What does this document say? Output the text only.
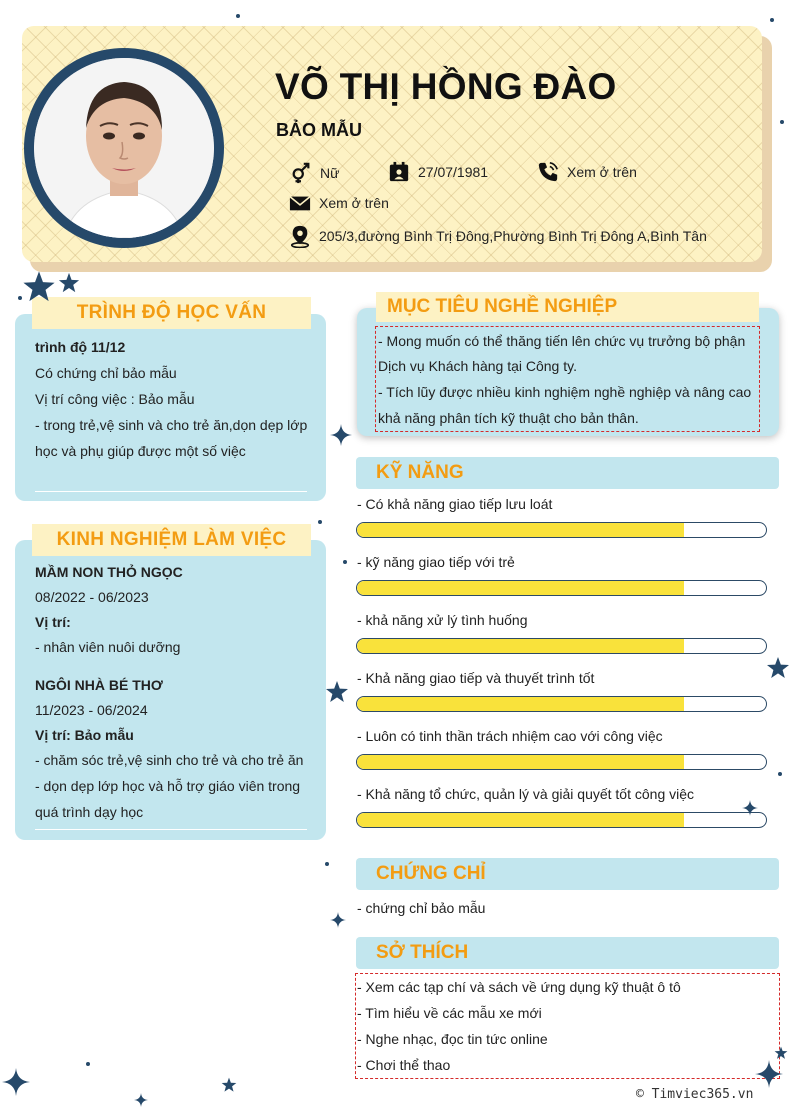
VÕ THỊ HỒNG ĐÀO
BẢO MẪU
Nữ	27/07/1981	Xem ở trên
Xem ở trên
205/3,đường Bình Trị Đông,Phường Bình Trị Đông A,Bình Tân
TRÌNH ĐỘ HỌC VẤN
trình độ 11/12
Có chứng chỉ bảo mẫu
Vị trí công việc : Bảo mẫu
- trong trẻ,vệ sinh và cho trẻ ăn,dọn dẹp lớp
học và phụ giúp được một số việc
KINH NGHIỆM LÀM VIỆC
MẦM NON THỎ NGỌC
08/2022 - 06/2023
Vị trí:
- nhân viên nuôi dưỡng
NGÔI NHÀ BÉ THƠ
11/2023 - 06/2024
Vị trí: Bảo mẫu
- chăm sóc trẻ,vệ sinh cho trẻ và cho trẻ ăn
- dọn dẹp lớp học và hỗ trợ giáo viên trong
quá trình dạy học
MỤC TIÊU NGHỀ NGHIỆP
- Mong muốn có thể thăng tiến lên chức vụ trưởng bộ phận
Dịch vụ Khách hàng tại Công ty.
- Tích lũy được nhiều kinh nghiệm nghề nghiệp và nâng cao
khả năng phân tích kỹ thuật cho bản thân.
KỸ NĂNG
- Có khả năng giao tiếp lưu loát
- kỹ năng giao tiếp với trẻ
- khả năng xử lý tình huống
- Khả năng giao tiếp và thuyết trình tốt
- Luôn có tinh thần trách nhiệm cao với công việc
- Khả năng tổ chức, quản lý và giải quyết tốt công việc
CHỨNG CHỈ
- chứng chỉ bảo mẫu
SỞ THÍCH
- Xem các tạp chí và sách về ứng dụng kỹ thuật ô tô
- Tìm hiểu về các mẫu xe mới
- Nghe nhạc, đọc tin tức online
- Chơi thể thao
© Timviec365.vn
